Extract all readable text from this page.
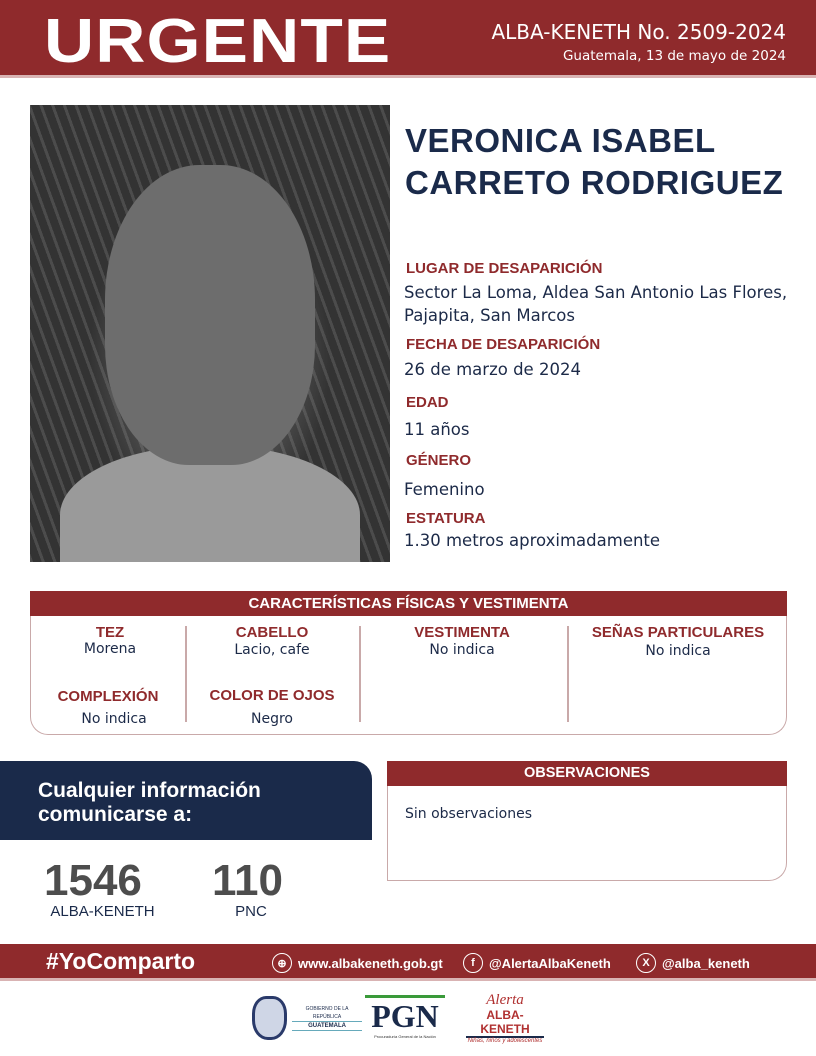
URGENTE	ALBA-KENETH No. 2509-2024
Guatemala, 13 de mayo de 2024
VERONICA ISABEL
CARRETO RODRIGUEZ
LUGAR DE DESAPARICIÓN
Sector La Loma, Aldea San Antonio Las Flores,
Pajapita, San Marcos
FECHA DE DESAPARICIÓN
26 de marzo de 2024
EDAD
11 años
GÉNERO
Femenino
ESTATURA
1.30 metros aproximadamente
CARACTERÍSTICAS FÍSICAS Y VESTIMENTA
TEZ
Morena
CABELLO
Lacio, cafe
VESTIMENTA
No indica
SEÑAS PARTICULARES
No indica
COMPLEXIÓN
No indica
COLOR DE OJOS
Negro
Cualquier información
comunicarse a:
1546
ALBA-KENETH
110
PNC
OBSERVACIONES
Sin observaciones
#YoComparto	⊕ www.albakeneth.gob.gt	f	@AlertaAlbaKeneth	X @alba_keneth
GOBIERNO DE LA REPÚBLICA
GUATEMALA PGN
Procuraduría General de la Nación
Alerta
ALBA-KENETH
Niñas, niños y adolescentes
